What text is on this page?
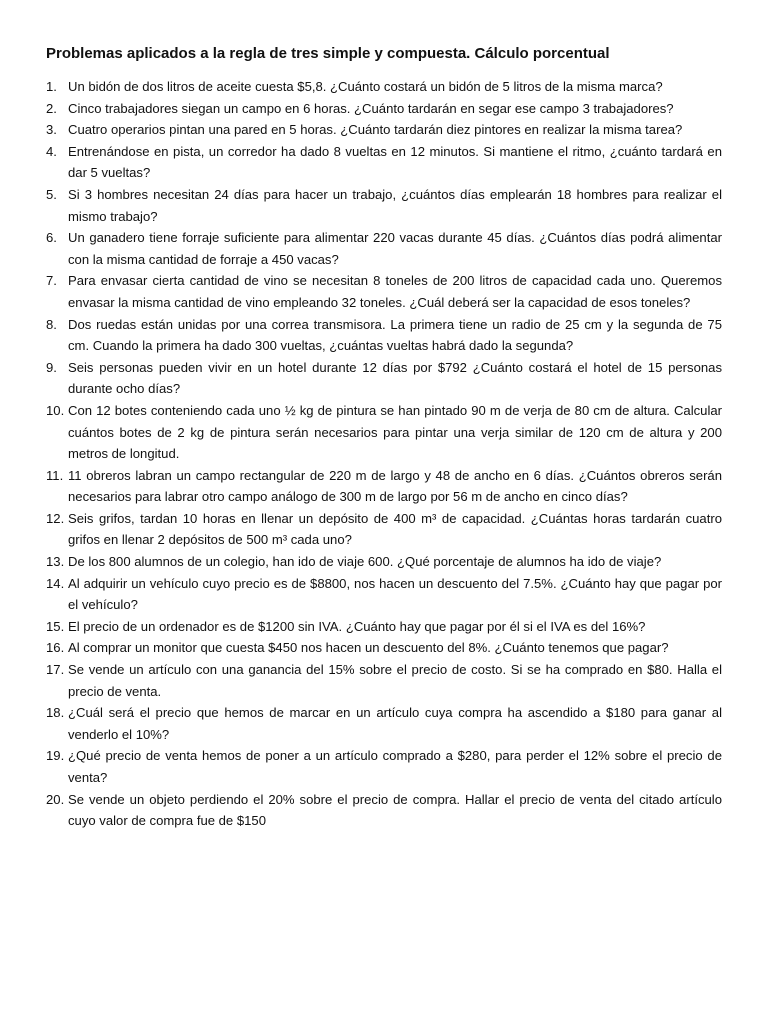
Problemas aplicados a la regla de tres simple y compuesta. Cálculo porcentual
1. Un bidón de dos litros de aceite cuesta $5,8. ¿Cuánto costará un bidón de 5 litros de la misma marca?
2. Cinco trabajadores siegan un campo en 6 horas. ¿Cuánto tardarán en segar ese campo 3 trabajadores?
3. Cuatro operarios pintan una pared en 5 horas. ¿Cuánto tardarán diez pintores en realizar la misma tarea?
4. Entrenándose en pista, un corredor ha dado 8 vueltas en 12 minutos. Si mantiene el ritmo, ¿cuánto tardará en dar 5 vueltas?
5. Si 3 hombres necesitan 24 días para hacer un trabajo, ¿cuántos días emplearán 18 hombres para realizar el mismo trabajo?
6. Un ganadero tiene forraje suficiente para alimentar 220 vacas durante 45 días. ¿Cuántos días podrá alimentar con la misma cantidad de forraje a 450 vacas?
7. Para envasar cierta cantidad de vino se necesitan 8 toneles de 200 litros de capacidad cada uno. Queremos envasar la misma cantidad de vino empleando 32 toneles. ¿Cuál deberá ser la capacidad de esos toneles?
8. Dos ruedas están unidas por una correa transmisora. La primera tiene un radio de 25 cm y la segunda de 75 cm. Cuando la primera ha dado 300 vueltas, ¿cuántas vueltas habrá dado la segunda?
9. Seis personas pueden vivir en un hotel durante 12 días por $792 ¿Cuánto costará el hotel de 15 personas durante ocho días?
10. Con 12 botes conteniendo cada uno ½ kg de pintura se han pintado 90 m de verja de 80 cm de altura. Calcular cuántos botes de 2 kg de pintura serán necesarios para pintar una verja similar de 120 cm de altura y 200 metros de longitud.
11. 11 obreros labran un campo rectangular de 220 m de largo y 48 de ancho en 6 días. ¿Cuántos obreros serán necesarios para labrar otro campo análogo de 300 m de largo por 56 m de ancho en cinco días?
12. Seis grifos, tardan 10 horas en llenar un depósito de 400 m³ de capacidad. ¿Cuántas horas tardarán cuatro grifos en llenar 2 depósitos de 500 m³ cada uno?
13. De los 800 alumnos de un colegio, han ido de viaje 600. ¿Qué porcentaje de alumnos ha ido de viaje?
14. Al adquirir un vehículo cuyo precio es de $8800, nos hacen un descuento del 7.5%. ¿Cuánto hay que pagar por el vehículo?
15. El precio de un ordenador es de $1200 sin IVA. ¿Cuánto hay que pagar por él si el IVA es del 16%?
16. Al comprar un monitor que cuesta $450 nos hacen un descuento del 8%. ¿Cuánto tenemos que pagar?
17. Se vende un artículo con una ganancia del 15% sobre el precio de costo. Si se ha comprado en $80. Halla el precio de venta.
18. ¿Cuál será el precio que hemos de marcar en un artículo cuya compra ha ascendido a $180 para ganar al venderlo el 10%?
19. ¿Qué precio de venta hemos de poner a un artículo comprado a $280, para perder el 12% sobre el precio de venta?
20. Se vende un objeto perdiendo el 20% sobre el precio de compra. Hallar el precio de venta del citado artículo cuyo valor de compra fue de $150
